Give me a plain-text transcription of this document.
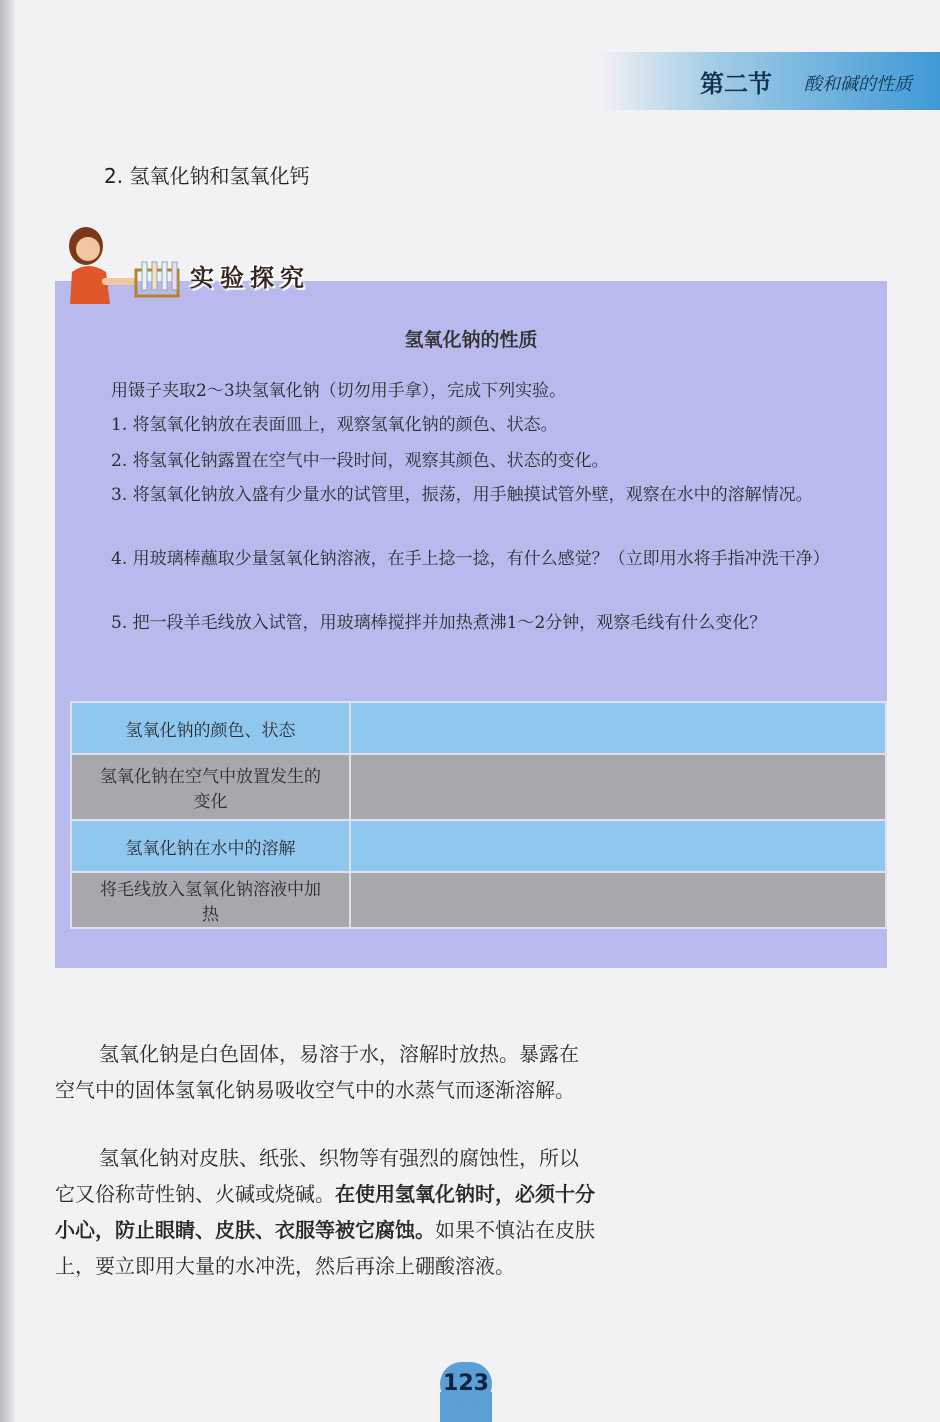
第二节 酸和碱的性质
2. 氢氧化钠和氢氧化钙
氢氧化钠的性质
用镊子夹取2～3块氢氧化钠（切勿用手拿），完成下列实验。
1. 将氢氧化钠放在表面皿上，观察氢氧化钠的颜色、状态。
2. 将氢氧化钠露置在空气中一段时间，观察其颜色、状态的变化。
3. 将氢氧化钠放入盛有少量水的试管里，振荡，用手触摸试管外壁，观察在水中的溶解情况。
4. 用玻璃棒蘸取少量氢氧化钠溶液，在手上捻一捻，有什么感觉？（立即用水将手指冲洗干净）
5. 把一段羊毛线放入试管，用玻璃棒搅拌并加热煮沸1～2分钟，观察毛线有什么变化？
氢氧化钠的颜色、状态	
氢氧化钠在空气中放置发生的变化	
氢氧化钠在水中的溶解	
将毛线放入氢氧化钠溶液中加热	
实验探究
氢氧化钠是白色固体，易溶于水，溶解时放热。暴露在空气中的固体氢氧化钠易吸收空气中的水蒸气而逐渐溶解。
氢氧化钠对皮肤、纸张、织物等有强烈的腐蚀性，所以它又俗称苛性钠、火碱或烧碱。在使用氢氧化钠时，必须十分小心，防止眼睛、皮肤、衣服等被它腐蚀。如果不慎沾在皮肤上，要立即用大量的水冲洗，然后再涂上硼酸溶液。
123
